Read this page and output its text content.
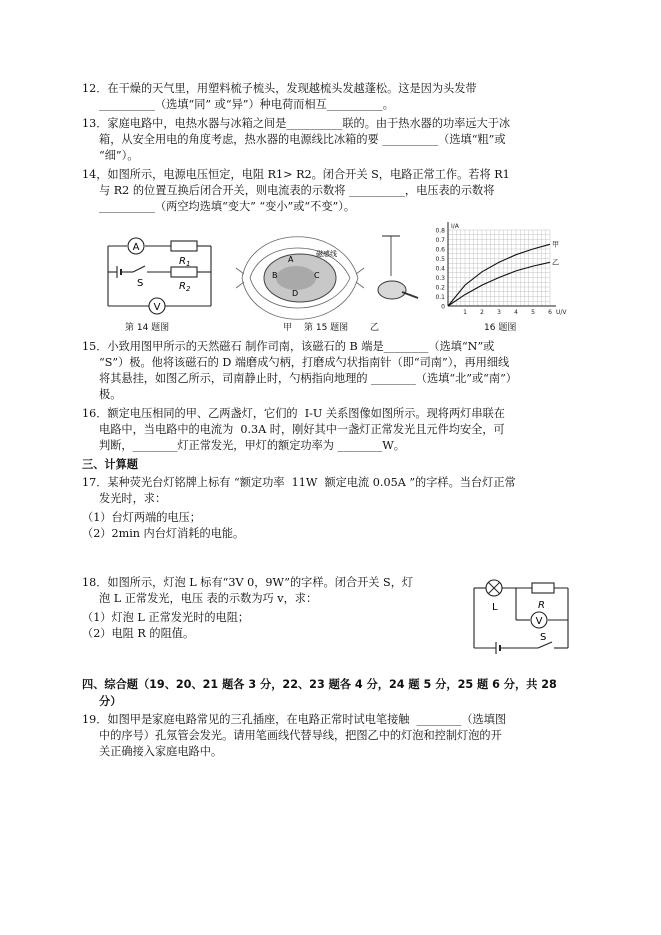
12．在干燥的天气里，用塑料梳子梳头，发现越梳头发越蓬松。这是因为头发带
__________（选填“同” 或“异”）种电荷而相互__________。
13．家庭电路中，电热水器与冰箱之间是__________联的。由于热水器的功率远大于冰
箱，从安全用电的角度考虑，热水器的电源线比冰箱的要 __________（选填“粗”或
“细”）。
14，如图所示，电源电压恒定，电阻 R1> R2。闭合开关 S，电路正常工作。若将 R1
与 R2 的位置互换后闭合开关，则电流表的示数将 __________，电压表的示数将
__________（两空均选填“变大” “变小”或“不变”）。
A
V
$R_1$
$R_2$
S
第 14 题图
磁感线
A
B	C
D
甲 第 15 题图 乙
0.8
0.7
0.6
0.5
0.4
0.3
0.2
0.1
0
1 2 3 4 5 6
I/A
U/V
甲
乙
16 题图
15．小致用图甲所示的天然磁石 制作司南，该磁石的 B 端是________（选填“N”或
“S”）极。他将该磁石的 D 端磨成勺柄，打磨成勺状指南针（即“司南”），再用细线
将其悬挂，如图乙所示，司南静止时，勺柄指向地理的 ________（选填“北”或“南”）
极。
16．额定电压相同的甲、乙两盏灯，它们的  I-U 关系图像如图所示。现将两灯串联在
电路中，当电路中的电流为  0.3A 时，刚好其中一盏灯正常发光且元件均安全，可
判断，________灯正常发光，甲灯的额定功率为 ________W。
三、计算题
17．某种荧光台灯铭牌上标有 “额定功率  11W  额定电流 0.05A ”的字样。当台灯正常
发光时，求：
（1）台灯两端的电压；
（2）2min 内台灯消耗的电能。
18．如图所示，灯泡 L 标有“3V 0，9W”的字样。闭合开关 S，灯
泡 L 正常发光，电压 表的示数为巧 v，求：
（1）灯泡 L 正常发光时的电阻；
（2）电阻 R 的阻值。
V
L	R
S
四、综合题（19、20、21 题各 3 分，22、23 题各 4 分，24 题 5 分，25 题 6 分，共 28
分）
19．如图甲是家庭电路常见的三孔插座，在电路正常时试电笔接触  ________（选填图
中的序号）孔氖管会发光。请用笔画线代替导线，把图乙中的灯泡和控制灯泡的开
关正确接入家庭电路中。
